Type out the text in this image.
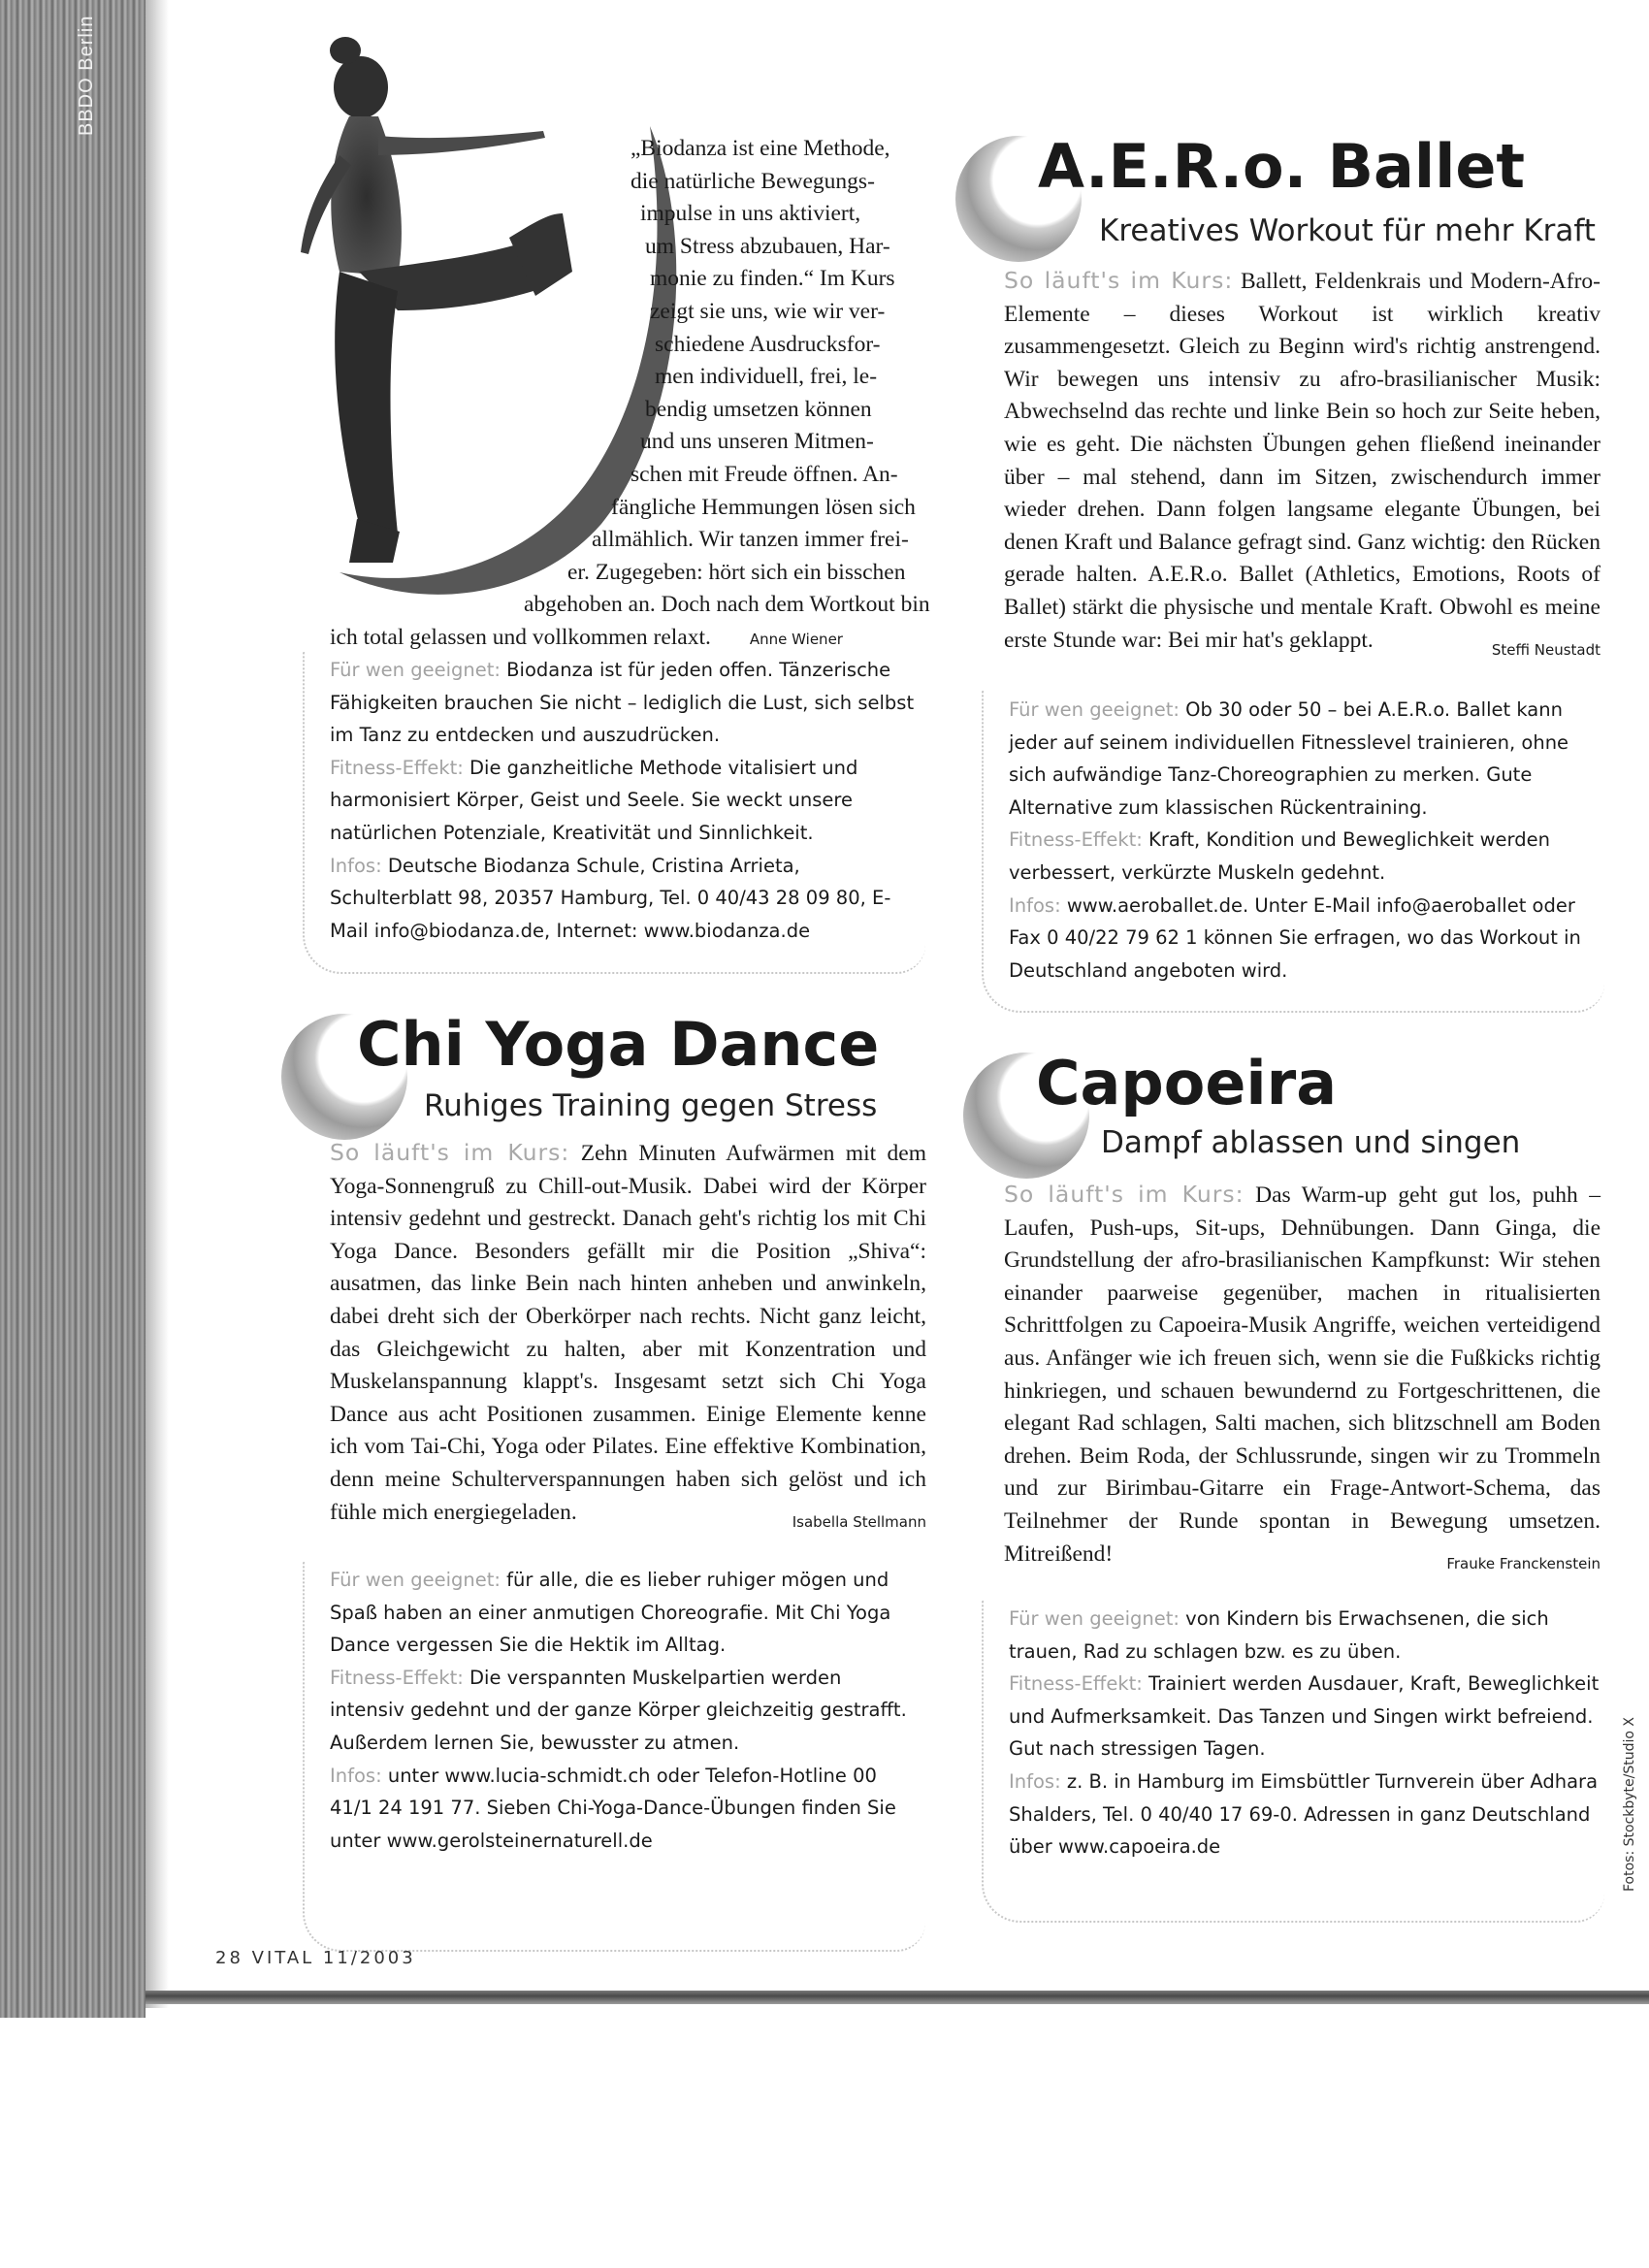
BBDO Berlin
„Biodanza ist eine Methode,
die natürliche Bewegungs-
impulse in uns aktiviert,
um Stress abzubauen, Har-
monie zu finden.“ Im Kurs
zeigt sie uns, wie wir ver-
schiedene Ausdrucksfor-
men individuell, frei, le-
bendig umsetzen können
und uns unseren Mitmen-
schen mit Freude öffnen. An-
fängliche Hemmungen lösen sich
allmählich. Wir tanzen immer frei-
er. Zugegeben: hört sich ein bisschen
abgehoben an. Doch nach dem Wortkout bin
ich total gelassen und vollkommen relaxt.	Anne Wiener

Für wen geeignet: Biodanza ist für jeden offen. Tänzerische Fähigkeiten brauchen Sie nicht – lediglich die Lust, sich selbst im Tanz zu entdecken und auszudrücken.

Fitness-Effekt: Die ganzheitliche Methode vitalisiert und harmonisiert Körper, Geist und Seele. Sie weckt unsere natürlichen Potenziale, Kreativität und Sinnlichkeit.

Infos: Deutsche Biodanza Schule, Cristina Arrieta, Schulterblatt 98, 20357 Hamburg, Tel. 0 40/43 28 09 80, E-Mail info@biodanza.de, Internet: www.biodanza.de

A.E.R.o. Ballet
Kreatives Workout für mehr Kraft

So läuft's im Kurs: Ballett, Feldenkrais und Modern-Afro-Elemente – dieses Workout ist wirklich kreativ zusammengesetzt. Gleich zu Beginn wird's richtig anstrengend. Wir bewegen uns intensiv zu afro-brasilianischer Musik: Abwechselnd das rechte und linke Bein so hoch zur Seite heben, wie es geht. Die nächsten Übungen gehen fließend ineinander über – mal stehend, dann im Sitzen, zwischendurch immer wieder drehen. Dann folgen langsame elegante Übungen, bei denen Kraft und Balance gefragt sind. Ganz wichtig: den Rücken gerade halten. A.E.R.o. Ballet (Athletics, Emotions, Roots of Ballet) stärkt die physische und mentale Kraft. Obwohl es meine erste Stunde war: Bei mir hat's geklappt.	Steffi Neustadt

Für wen geeignet: Ob 30 oder 50 – bei A.E.R.o. Ballet kann jeder auf seinem individuellen Fitnesslevel trainieren, ohne sich aufwändige Tanz-Choreographien zu merken. Gute Alternative zum klassischen Rückentraining.

Fitness-Effekt: Kraft, Kondition und Beweglichkeit werden verbessert, verkürzte Muskeln gedehnt.

Infos: www.aeroballet.de. Unter E-Mail info@aeroballet oder Fax 0 40/22 79 62 1 können Sie erfragen, wo das Workout in Deutschland angeboten wird.

Chi Yoga Dance
Ruhiges Training gegen Stress

So läuft's im Kurs: Zehn Minuten Aufwärmen mit dem Yoga-Sonnengruß zu Chill-out-Musik. Dabei wird der Körper intensiv gedehnt und gestreckt. Danach geht's richtig los mit Chi Yoga Dance. Besonders gefällt mir die Position „Shiva“: ausatmen, das linke Bein nach hinten anheben und anwinkeln, dabei dreht sich der Oberkörper nach rechts. Nicht ganz leicht, das Gleichgewicht zu halten, aber mit Konzentration und Muskelanspannung klappt's. Insgesamt setzt sich Chi Yoga Dance aus acht Positionen zusammen. Einige Elemente kenne ich vom Tai-Chi, Yoga oder Pilates. Eine effektive Kombination, denn meine Schulterverspannungen haben sich gelöst und ich fühle mich energiegeladen.	Isabella Stellmann

Für wen geeignet: für alle, die es lieber ruhiger mögen und Spaß haben an einer anmutigen Choreografie. Mit Chi Yoga Dance vergessen Sie die Hektik im Alltag.

Fitness-Effekt: Die verspannten Muskelpartien werden intensiv gedehnt und der ganze Körper gleichzeitig gestrafft. Außerdem lernen Sie, bewusster zu atmen.

Infos: unter www.lucia-schmidt.ch oder Telefon-Hotline 00 41/1 24 191 77. Sieben Chi-Yoga-Dance-Übungen finden Sie unter www.gerolsteinernaturell.de

Capoeira
Dampf ablassen und singen

So läuft's im Kurs: Das Warm-up geht gut los, puhh – Laufen, Push-ups, Sit-ups, Dehnübungen. Dann Ginga, die Grundstellung der afro-brasilianischen Kampfkunst: Wir stehen einander paarweise gegenüber, machen in ritualisierten Schrittfolgen zu Capoeira-Musik Angriffe, weichen verteidigend aus. Anfänger wie ich freuen sich, wenn sie die Fußkicks richtig hinkriegen, und schauen bewundernd zu Fortgeschrittenen, die elegant Rad schlagen, Salti machen, sich blitzschnell am Boden drehen. Beim Roda, der Schlussrunde, singen wir zu Trommeln und zur Birimbau-Gitarre ein Frage-Antwort-Schema, das Teilnehmer der Runde spontan in Bewegung umsetzen. Mitreißend!	Frauke Franckenstein

Für wen geeignet: von Kindern bis Erwachsenen, die sich trauen, Rad zu schlagen bzw. es zu üben.

Fitness-Effekt: Trainiert werden Ausdauer, Kraft, Beweglichkeit und Aufmerksamkeit. Das Tanzen und Singen wirkt befreiend. Gut nach stressigen Tagen.

Infos: z. B. in Hamburg im Eimsbüttler Turnverein über Adhara Shalders, Tel. 0 40/40 17 69-0. Adressen in ganz Deutschland über www.capoeira.de	Fotos: Stockbyte/Studio X
28 VITAL 11/2003
